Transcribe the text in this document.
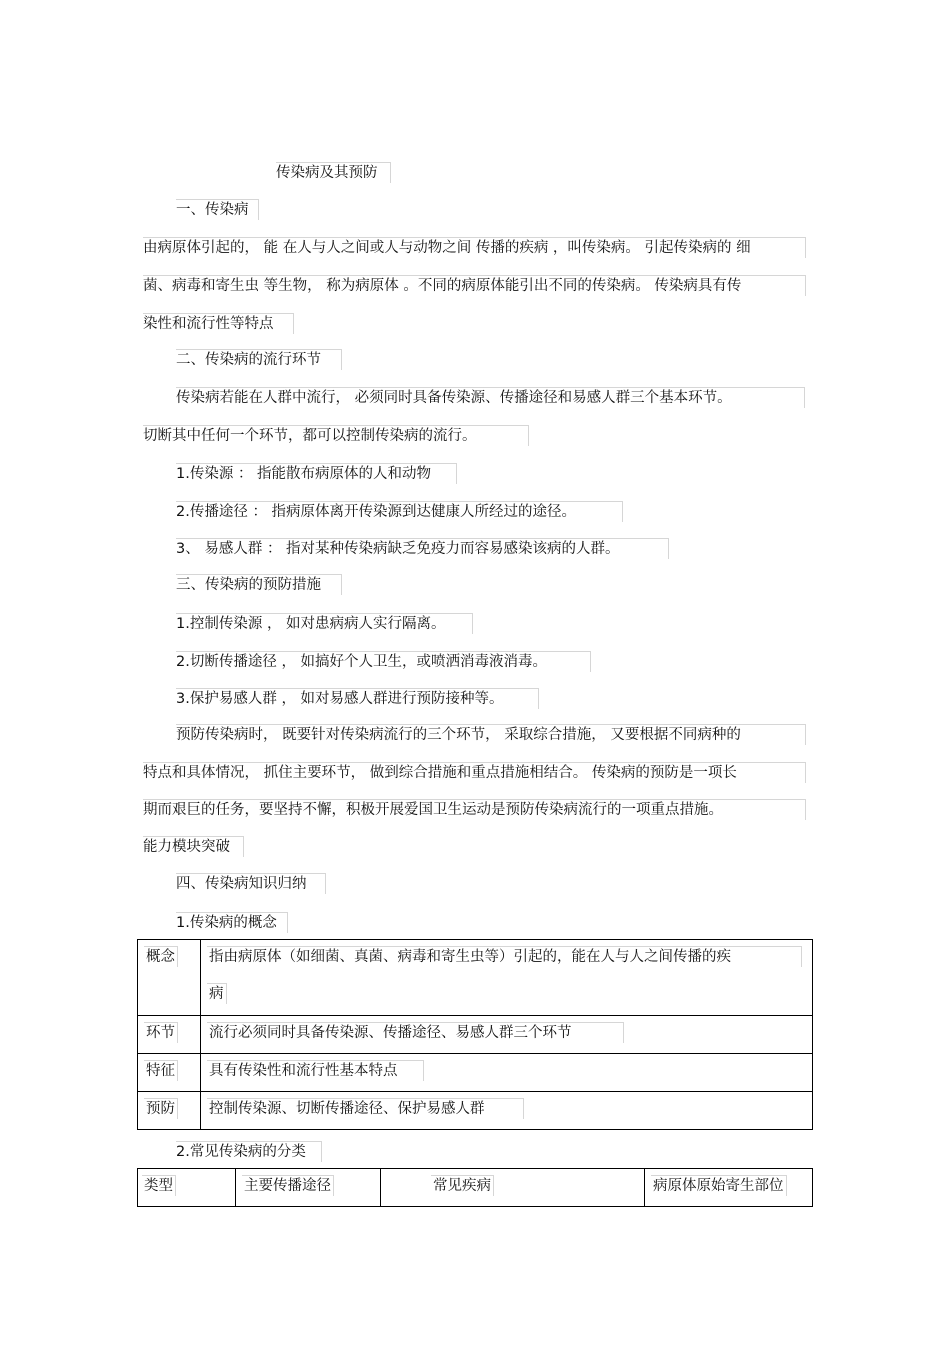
传染病及其预防
一、传染病
由病原体引起的， 能 在人与人之间或人与动物之间 传播的疾病 ，叫传染病。 引起传染病的 细
菌、病毒和寄生虫 等生物， 称为病原体 。不同的病原体能引出不同的传染病。 传染病具有传
染性和流行性等特点
二、传染病的流行环节
传染病若能在人群中流行， 必须同时具备传染源、传播途径和易感人群三个基本环节。
切断其中任何一个环节，都可以控制传染病的流行。
1.传染源 ： 指能散布病原体的人和动物
2.传播途径 ： 指病原体离开传染源到达健康人所经过的途径。
3、 易感人群 ： 指对某种传染病缺乏免疫力而容易感染该病的人群。
三、传染病的预防措施
1.控制传染源 ， 如对患病病人实行隔离。
2.切断传播途径 ， 如搞好个人卫生，或喷洒消毒液消毒。
3.保护易感人群 ， 如对易感人群进行预防接种等。
预防传染病时， 既要针对传染病流行的三个环节， 采取综合措施， 又要根据不同病种的
特点和具体情况， 抓住主要环节， 做到综合措施和重点措施相结合。 传染病的预防是一项长
期而艰巨的任务，要坚持不懈，积极开展爱国卫生运动是预防传染病流行的一项重点措施。
能力模块突破
四、传染病知识归纳
1.传染病的概念
概念	指由病原体（如细菌、真菌、病毒和寄生虫等）引起的，能在人与人之间传播的疾
病
环节	流行必须同时具备传染源、传播途径、易感人群三个环节
特征	具有传染性和流行性基本特点
预防	控制传染源、切断传播途径、保护易感人群
2.常见传染病的分类
类型	主要传播途径	常见疾病	病原体原始寄生部位
